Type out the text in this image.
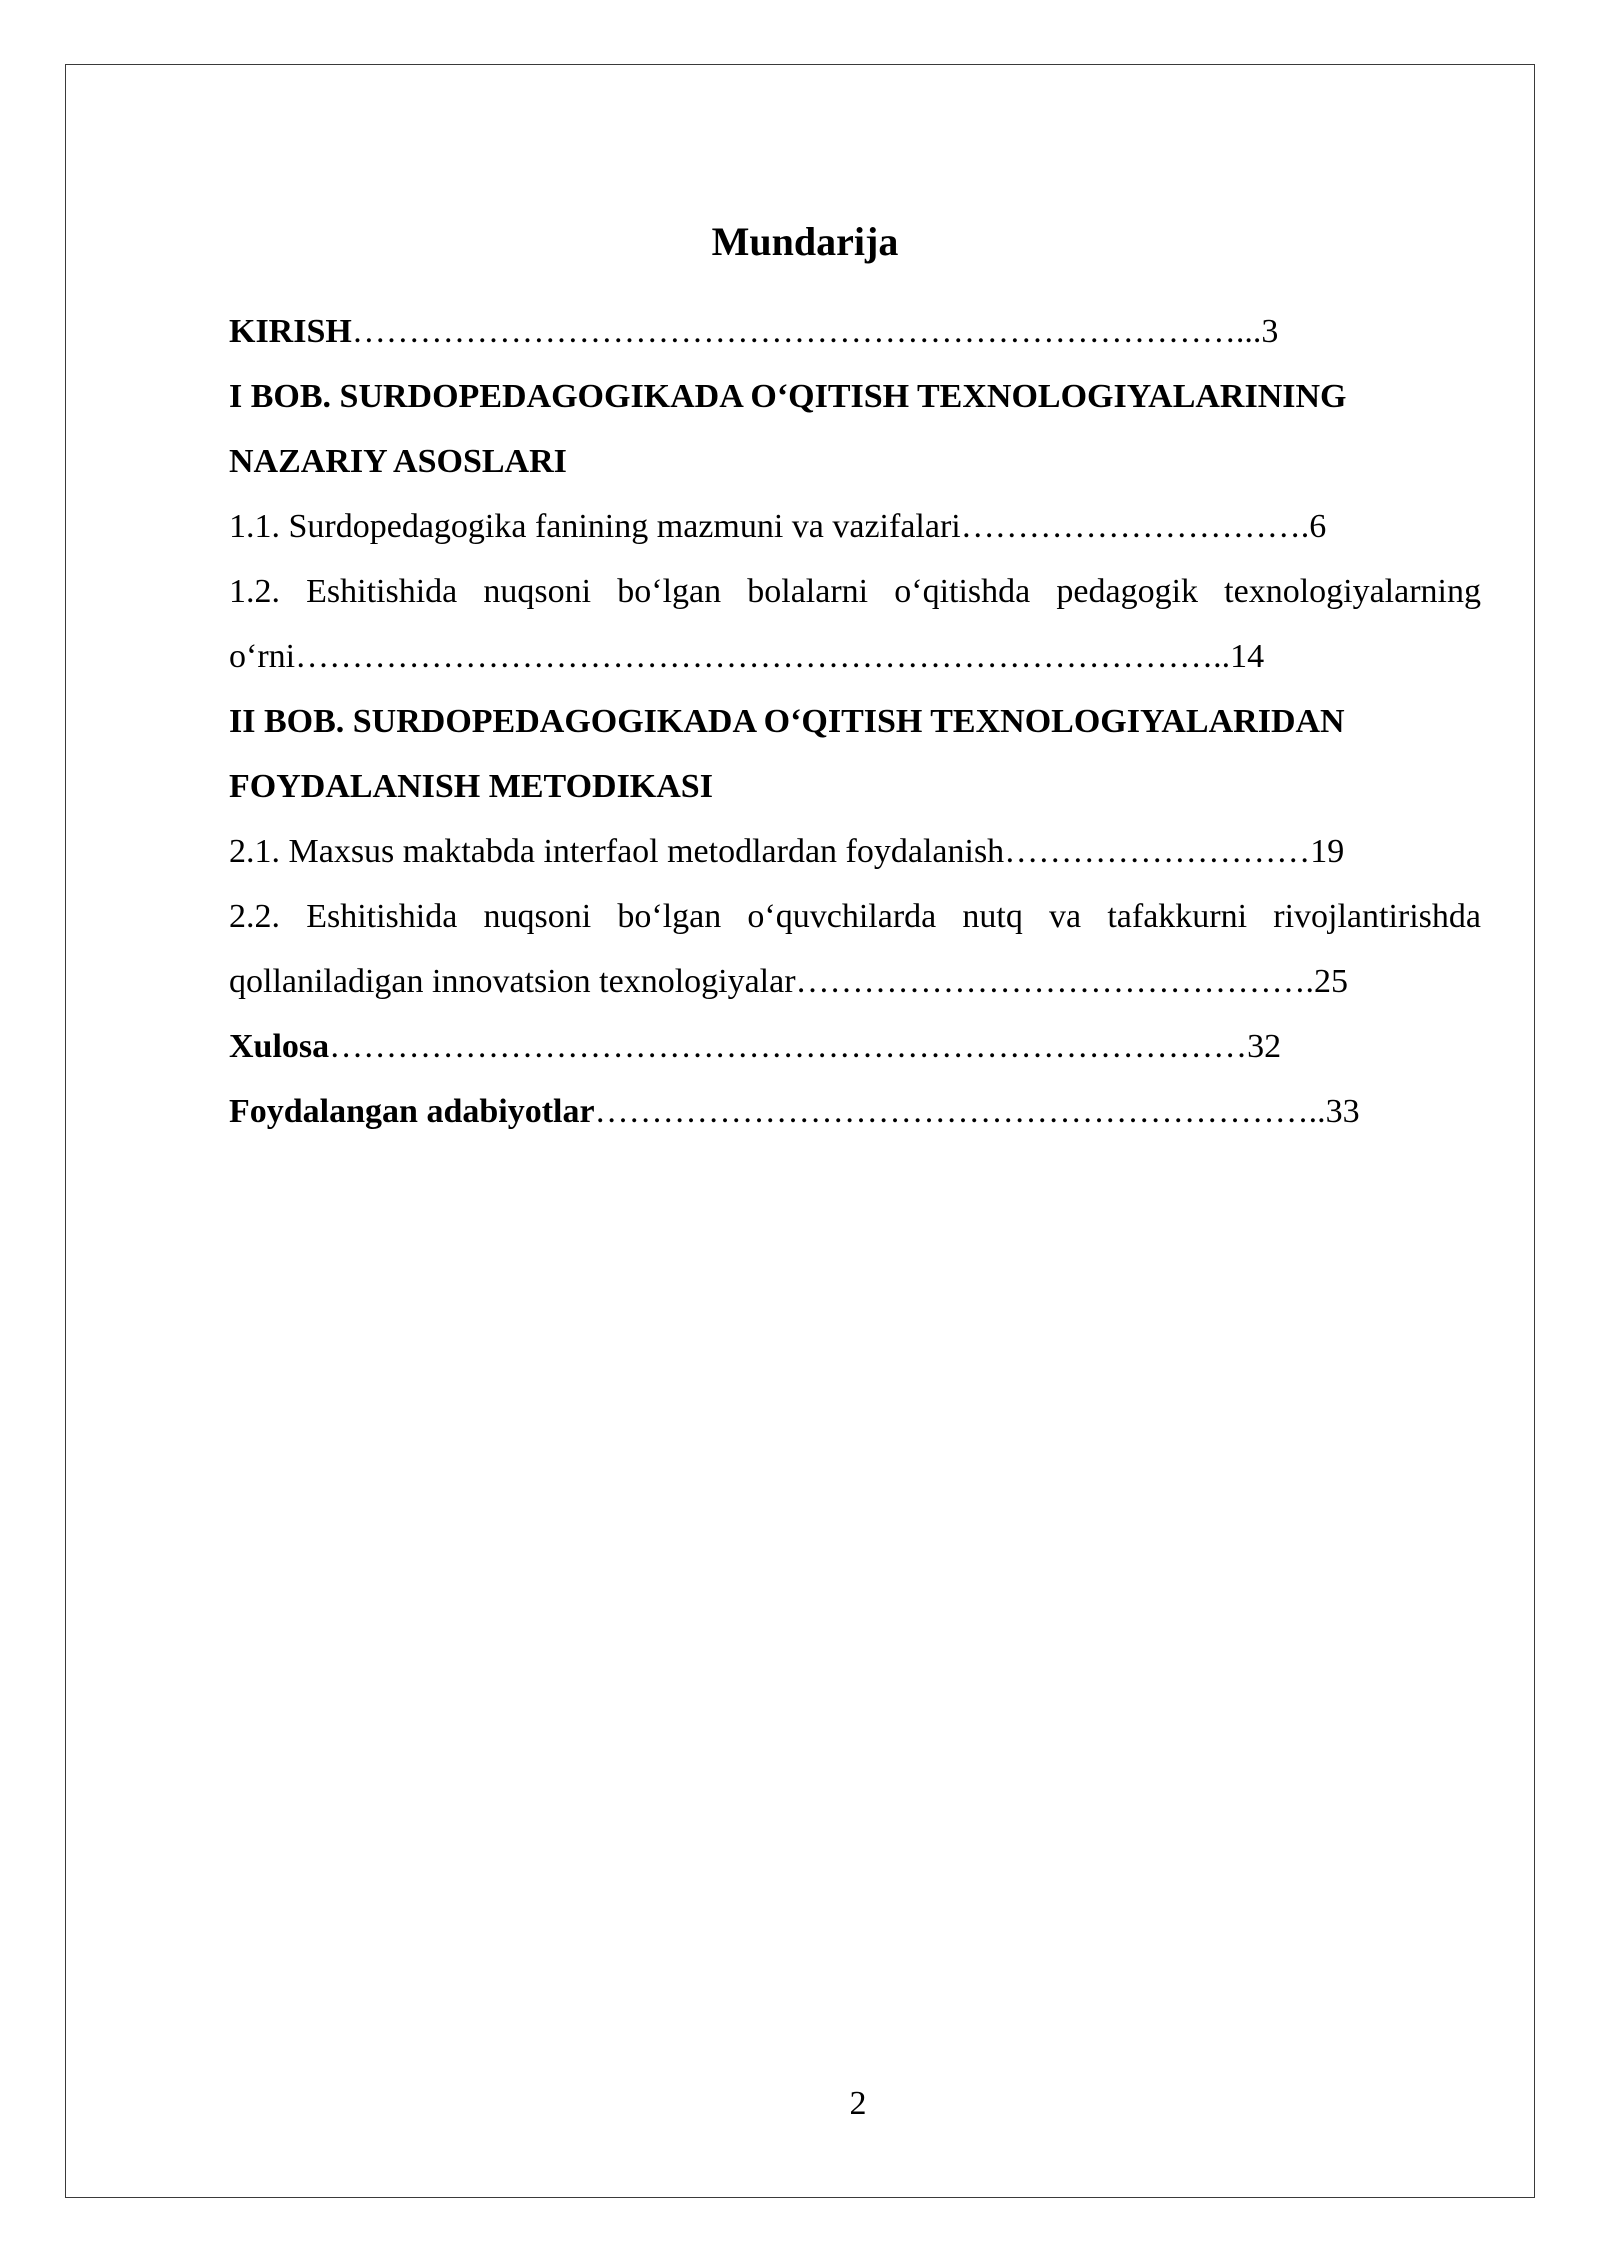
Mundarija
KIRISH……………………………………………………………………...3
I BOB. SURDOPEDAGOGIKADA O‘QITISH TEXNOLOGIYALARINING
NAZARIY ASOSLARI
1.1. Surdopedagogika fanining mazmuni va vazifalari………………………….6
1.2. Eshitishida nuqsoni bo‘lgan bolalarni o‘qitishda pedagogik texnologiyalarning
o‘rni………………………………………………………………………..14
II BOB. SURDOPEDAGOGIKADA O‘QITISH TEXNOLOGIYALARIDAN
FOYDALANISH METODIKASI
2.1. Maxsus maktabda interfaol metodlardan foydalanish………………………19
2.2. Eshitishida nuqsoni bo‘lgan o‘quvchilarda nutq va tafakkurni rivojlantirishda
qollaniladigan innovatsion texnologiyalar……………………………………….25
Xulosa………………………………………………………………………32
Foydalangan adabiyotlar………………………………………………………..33
2
